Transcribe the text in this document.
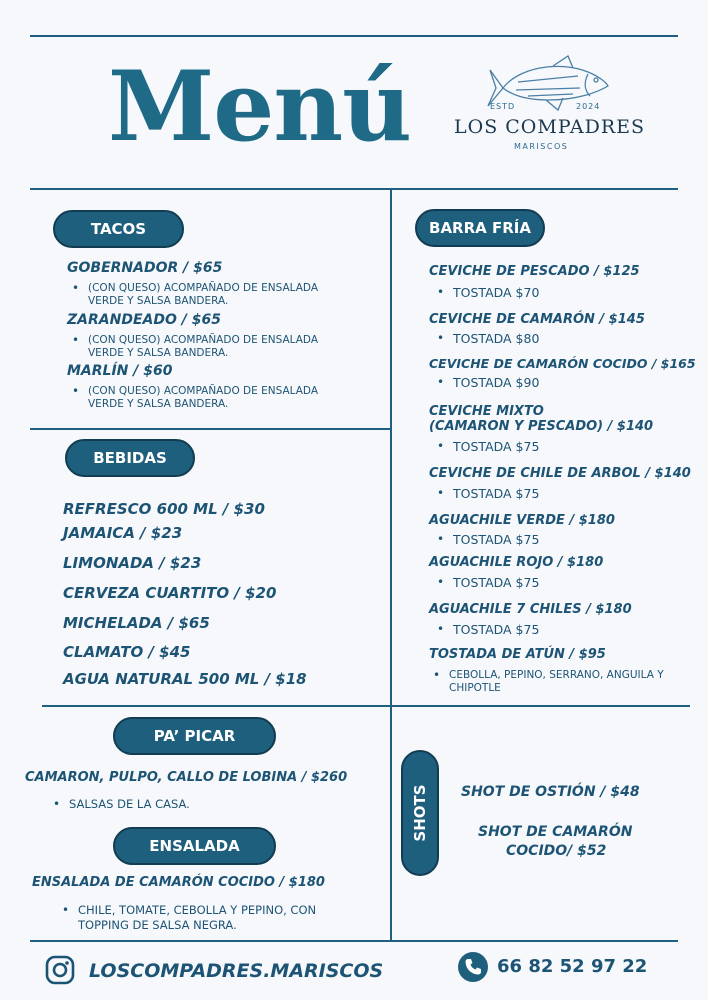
Menú	ESTD	2024
LOS COMPADRES
MARISCOS
TACOS
GOBERNADOR / $65
• (CON QUESO) ACOMPAÑADO DE ENSALADA VERDE Y SALSA BANDERA.
ZARANDEADO / $65
• (CON QUESO) ACOMPAÑADO DE ENSALADA VERDE Y SALSA BANDERA.
MARLÍN / $60
• (CON QUESO) ACOMPAÑADO DE ENSALADA VERDE Y SALSA BANDERA.
BEBIDAS
REFRESCO 600 ML / $30
JAMAICA / $23
LIMONADA / $23
CERVEZA CUARTITO / $20
MICHELADA / $65
CLAMATO / $45
AGUA NATURAL 500 ML / $18
BARRA FRÍA
CEVICHE DE PESCADO / $125
• TOSTADA $70
CEVICHE DE CAMARÓN / $145
• TOSTADA $80
CEVICHE DE CAMARÓN COCIDO / $165
• TOSTADA $90
CEVICHE MIXTO
(CAMARON Y PESCADO) / $140
• TOSTADA $75
CEVICHE DE CHILE DE ARBOL / $140
• TOSTADA $75
AGUACHILE VERDE / $180
• TOSTADA $75
AGUACHILE ROJO / $180
• TOSTADA $75
AGUACHILE 7 CHILES / $180
• TOSTADA $75
TOSTADA DE ATÚN / $95
• CEBOLLA, PEPINO, SERRANO, ANGUILA Y CHIPOTLE
PA’ PICAR
CAMARON, PULPO, CALLO DE LOBINA / $260
• SALSAS DE LA CASA.
ENSALADA
ENSALADA DE CAMARÓN COCIDO / $180
• CHILE, TOMATE, CEBOLLA Y PEPINO, CON TOPPING DE SALSA NEGRA.
SHOTS SHOT DE OSTIÓN / $48
SHOT DE CAMARÓN
COCIDO/ $52
LOSCOMPADRES.MARISCOS	66 82 52 97 22
